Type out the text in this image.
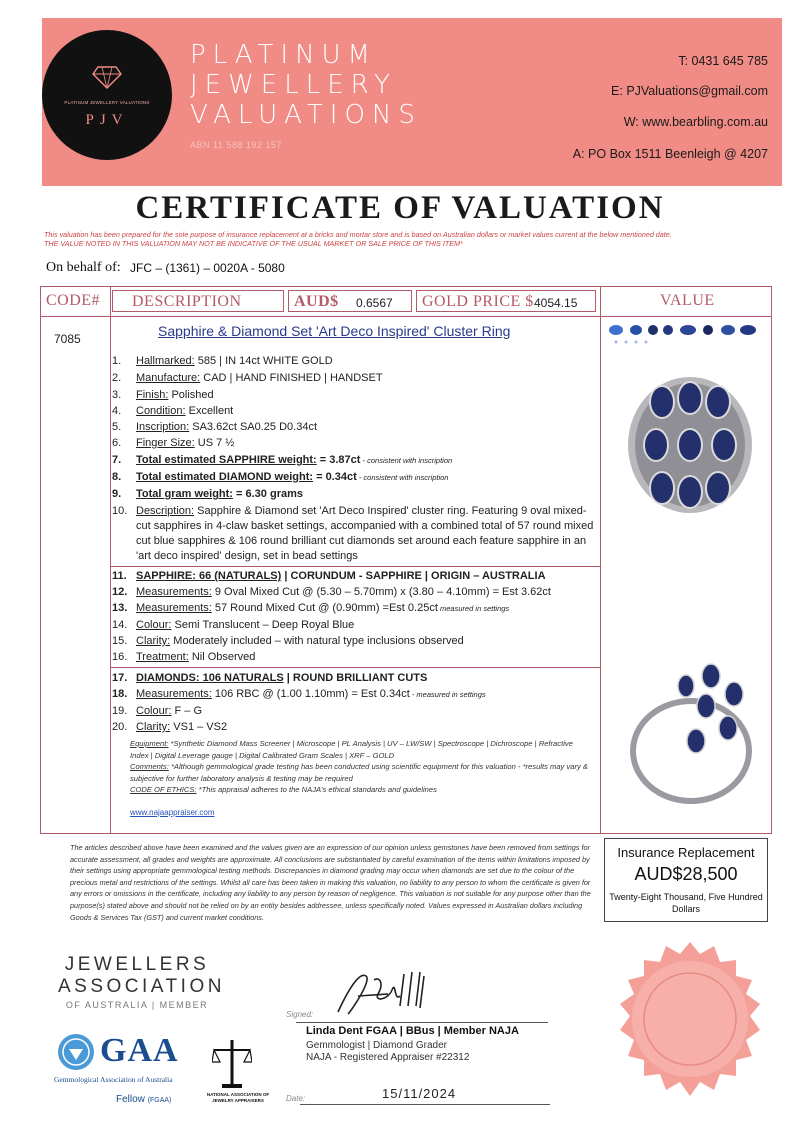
PLATINUM JEWELLERY VALUATIONS
PJV
PLATINUM
JEWELLERY
VALUATIONS
ABN 11 588 192 157
T: 0431 645 785
E: PJValuations@gmail.com
W: www.bearbling.com.au
A: PO Box 1511 Beenleigh @ 4207
CERTIFICATE OF VALUATION
This valuation has been prepared for the sole purpose of insurance replacement at a bricks and mortar store and is based on Australian dollars or market values current at the below mentioned date.
THE VALUE NOTED IN THIS VALUATION MAY NOT BE INDICATIVE OF THE USUAL MARKET OR SALE PRICE OF THIS ITEM*
On behalf of: JFC – (1361) – 0020A - 5080
CODE# DESCRIPTION	AUD$ 0.6567 GOLD PRICE $ 4054.15	VALUE
7085	Sapphire & Diamond Set 'Art Deco Inspired' Cluster Ring
1. Hallmarked: 585 | IN 14ct WHITE GOLD
2. Manufacture: CAD | HAND FINISHED | HANDSET
3. Finish: Polished
4. Condition: Excellent
5. Inscription: SA3.62ct SA0.25 D0.34ct
6. Finger Size: US 7 ½
7. Total estimated SAPPHIRE weight: = 3.87ct - consistent with inscription
8. Total estimated DIAMOND weight: = 0.34ct - consistent with inscription
9. Total gram weight: = 6.30 grams
10. Description: Sapphire & Diamond set 'Art Deco Inspired' cluster ring. Featuring 9 oval mixed-cut sapphires in 4-claw basket settings, accompanied with a combined total of 57 round mixed cut blue sapphires & 106 round brilliant cut diamonds set around each feature sapphire in an 'art deco inspired' design, set in bead settings
11. SAPPHIRE: 66 (NATURALS) | CORUNDUM - SAPPHIRE | ORIGIN – AUSTRALIA
12. Measurements: 9 Oval Mixed Cut @ (5.30 – 5.70mm) x (3.80 – 4.10mm) = Est 3.62ct
13. Measurements: 57 Round Mixed Cut @ (0.90mm) =Est 0.25ct measured in settings
14. Colour: Semi Translucent – Deep Royal Blue
15. Clarity: Moderately included – with natural type inclusions observed
16. Treatment: Nil Observed
17. DIAMONDS: 106 NATURALS | ROUND BRILLIANT CUTS
18. Measurements: 106 RBC @ (1.00 1.10mm) = Est 0.34ct - measured in settings
19. Colour: F – G
20. Clarity: VS1 – VS2
Equipment: *Synthetic Diamond Mass Screener | Microscope | PL Analysis | UV – LW/SW | Spectroscope | Dichroscope | Refractive Index | Digital Leverage gauge | Digital Calibrated Gram Scales | XRF – GOLD
Comments: *Although gemmological grade testing has been conducted using scientific equipment for this valuation - *results may vary & subjective for further laboratory analysis & testing may be required
CODE OF ETHICS: *This appraisal adheres to the NAJA's ethical standards and guidelines
www.najaappraiser.com
The articles described above have been examined and the values given are an expression of our opinion unless gemstones have been removed from settings for accurate assessment, all grades and weights are approximate. All conclusions are substantiated by careful examination of the items within limitations imposed by their settings using appropriate gemmological testing methods. Discrepancies in diamond grading may occur when diamonds are set due to the colour of the precious metal and restrictions of the settings. Whilst all care has been taken in making this valuation, no liability to any person to whom the certificate is given for any errors or omissions in the certificate, including any liability to any person by reason of negligence. This valuation is not suitable for any purpose other than the purpose(s) stated above and should not be relied on by an entity besides addressee, unless specifically noted. Values expressed in Australian dollars including Goods & Services Tax (GST) and current market conditions.
Insurance Replacement
AUD$28,500
Twenty-Eight Thousand, Five Hundred Dollars
JEWELLERS
ASSOCIATION
OF AUSTRALIA | MEMBER
GAA
Gemmological Association of Australia
Fellow (FGAA)
NATIONAL ASSOCIATION OF JEWELRY APPRAISERS
Signed:
Linda Dent FGAA | BBus | Member NAJA
Gemmologist | Diamond Grader
NAJA - Registered Appraiser #22312
Date:	15/11/2024
